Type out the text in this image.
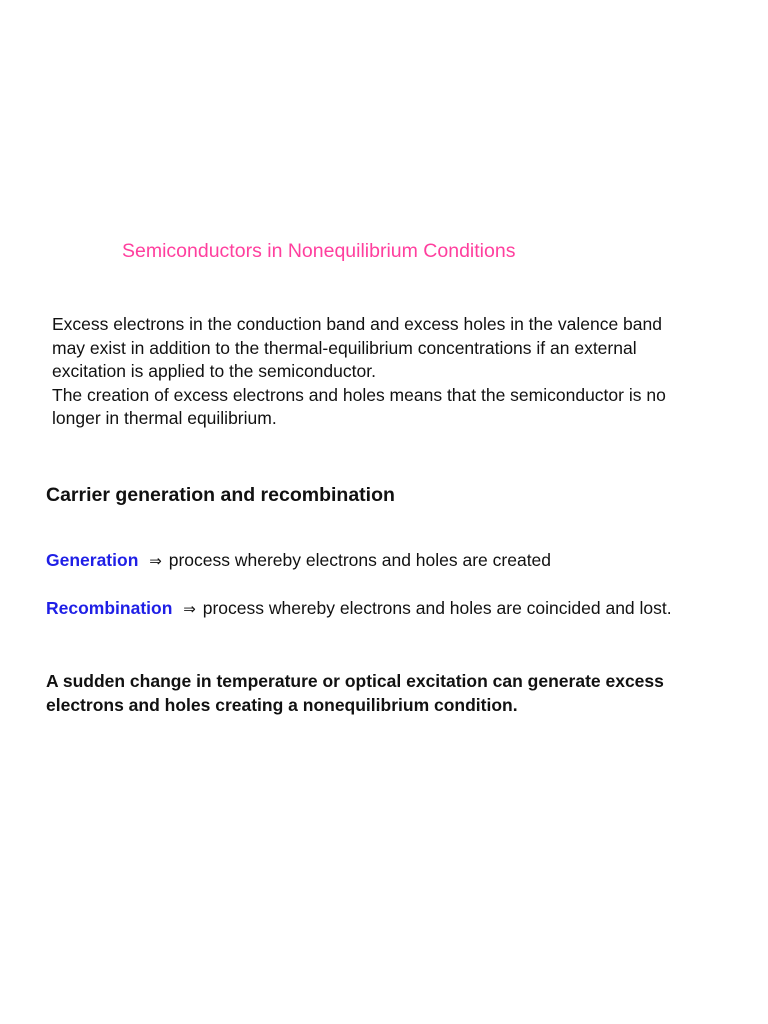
Semiconductors in Nonequilibrium Conditions
Excess electrons in the conduction band and excess holes in the valence band
may exist in addition to the thermal-equilibrium concentrations if an external
excitation is applied to the semiconductor.
The creation of excess electrons and holes means that the semiconductor is no
longer in thermal equilibrium.
Carrier generation and recombination
Generation ⇒ process whereby electrons and holes are created
Recombination ⇒ process whereby electrons and holes are coincided and lost.
A sudden change in temperature or optical excitation can generate excess
electrons and holes creating a nonequilibrium condition.
